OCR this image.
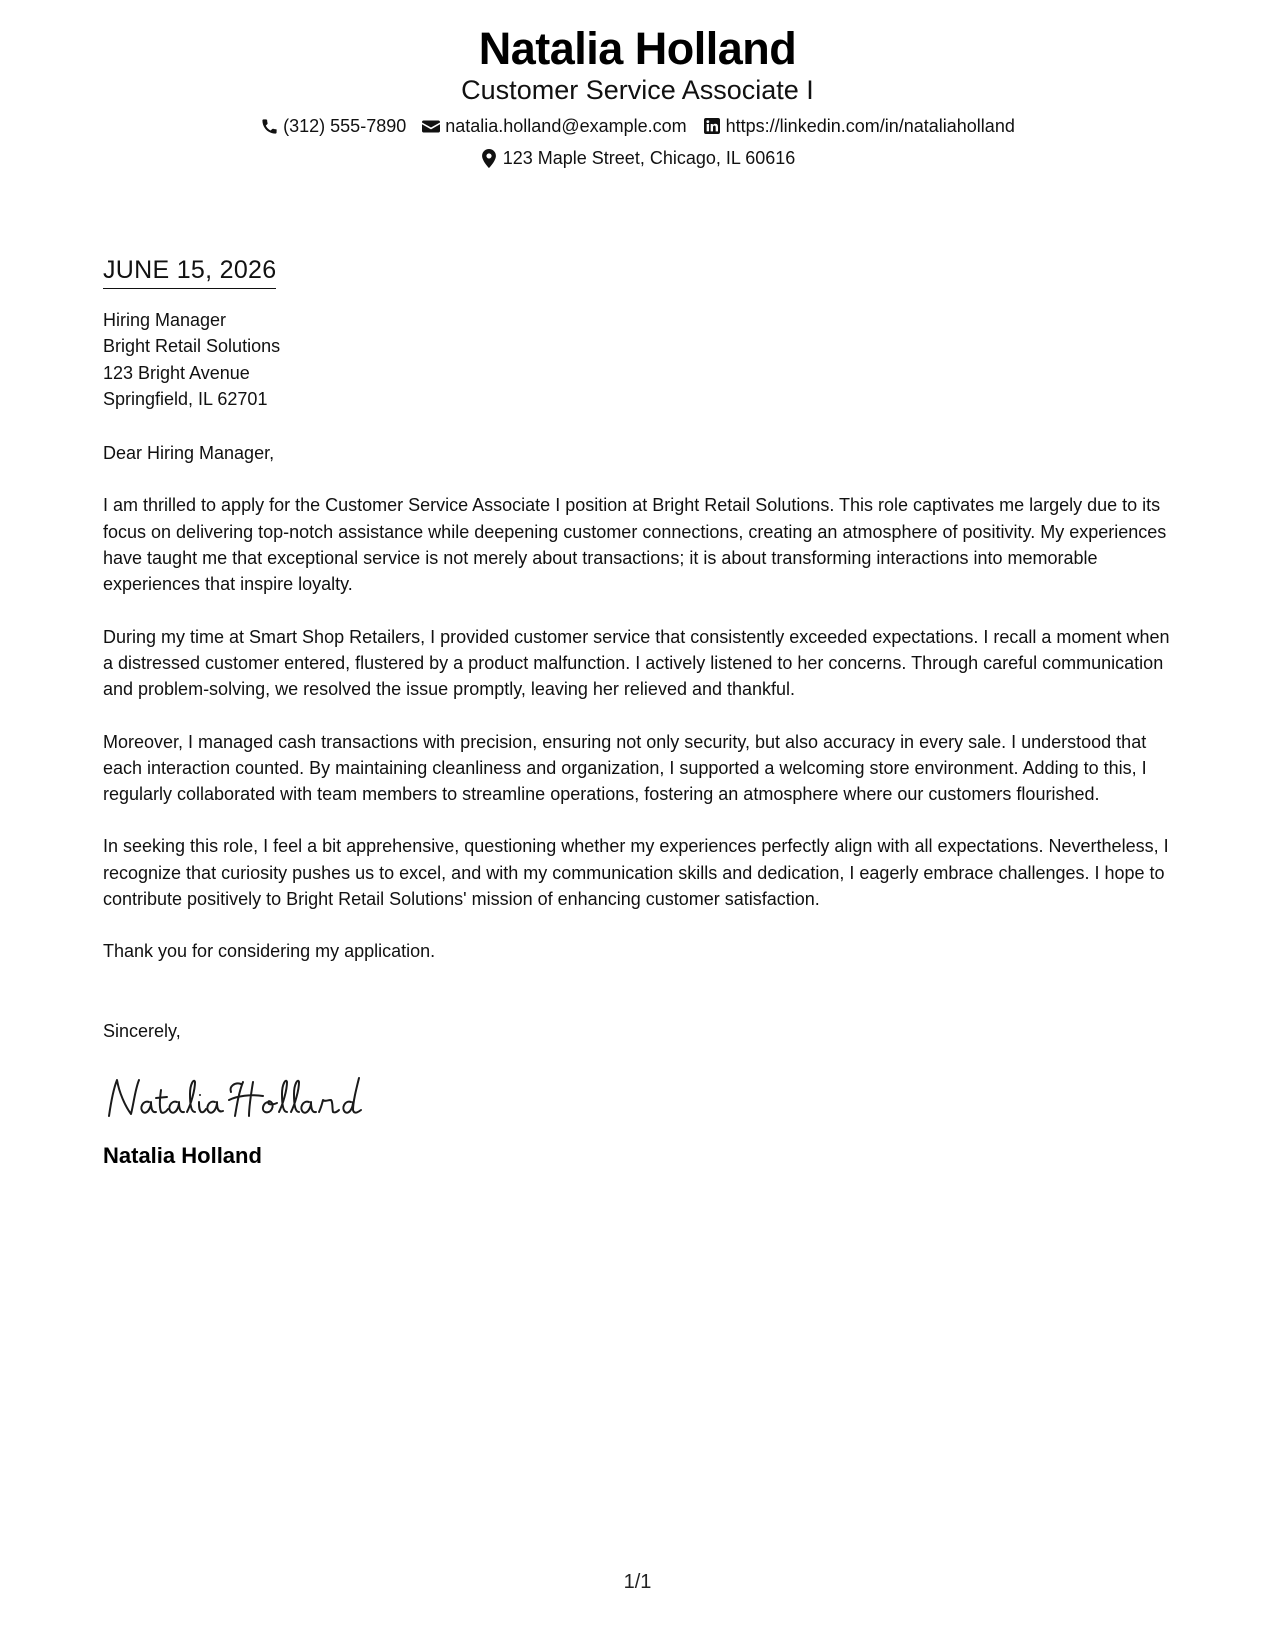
Natalia Holland
Customer Service Associate I
(312) 555-7890 natalia.holland@example.com https://linkedin.com/in/nataliaholland
123 Maple Street, Chicago, IL 60616
JUNE 15, 2026
Hiring Manager
Bright Retail Solutions
123 Bright Avenue
Springfield, IL 62701
Dear Hiring Manager,
I am thrilled to apply for the Customer Service Associate I position at Bright Retail Solutions. This role captivates me largely due to its focus on delivering top-notch assistance while deepening customer connections, creating an atmosphere of positivity. My experiences have taught me that exceptional service is not merely about transactions; it is about transforming interactions into memorable experiences that inspire loyalty.
During my time at Smart Shop Retailers, I provided customer service that consistently exceeded expectations. I recall a moment when a distressed customer entered, flustered by a product malfunction. I actively listened to her concerns. Through careful communication and problem-solving, we resolved the issue promptly, leaving her relieved and thankful.
Moreover, I managed cash transactions with precision, ensuring not only security, but also accuracy in every sale. I understood that each interaction counted. By maintaining cleanliness and organization, I supported a welcoming store environment. Adding to this, I regularly collaborated with team members to streamline operations, fostering an atmosphere where our customers flourished.
In seeking this role, I feel a bit apprehensive, questioning whether my experiences perfectly align with all expectations. Nevertheless, I recognize that curiosity pushes us to excel, and with my communication skills and dedication, I eagerly embrace challenges. I hope to contribute positively to Bright Retail Solutions' mission of enhancing customer satisfaction.
Thank you for considering my application.
Sincerely,
Natalia Holland
1/1
